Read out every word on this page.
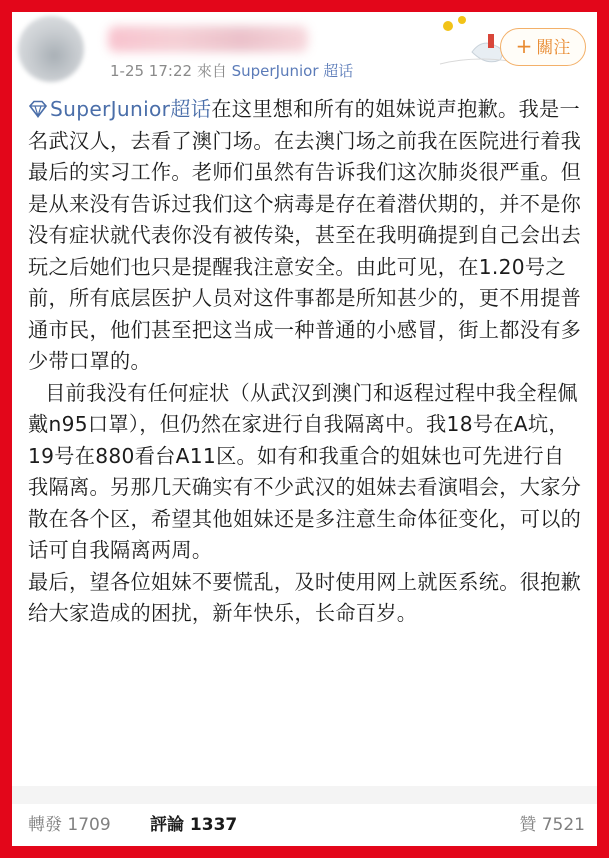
1-25 17:22 來自 SuperJunior 超话
+ 關注

SuperJunior超话在这里想和所有的姐妹说声抱歉。我是一名武汉人，去看了澳门场。在去澳门场之前我在医院进行着我最后的实习工作。老师们虽然有告诉我们这次肺炎很严重。但是从来没有告诉过我们这个病毒是存在着潜伏期的，并不是你没有症状就代表你没有被传染，甚至在我明确提到自己会出去玩之后她们也只是提醒我注意安全。由此可见，在1.20号之前，所有底层医护人员对这件事都是所知甚少的，更不用提普通市民，他们甚至把这当成一种普通的小感冒，街上都没有多少带口罩的。

目前我没有任何症状（从武汉到澳门和返程过程中我全程佩戴n95口罩），但仍然在家进行自我隔离中。我18号在A坑，19号在880看台A11区。如有和我重合的姐妹也可先进行自我隔离。另那几天确实有不少武汉的姐妹去看演唱会，大家分散在各个区，希望其他姐妹还是多注意生命体征变化，可以的话可自我隔离两周。

最后，望各位姐妹不要慌乱，及时使用网上就医系统。很抱歉给大家造成的困扰，新年快乐，长命百岁。

轉發 1709 評論 1337	贊 7521
